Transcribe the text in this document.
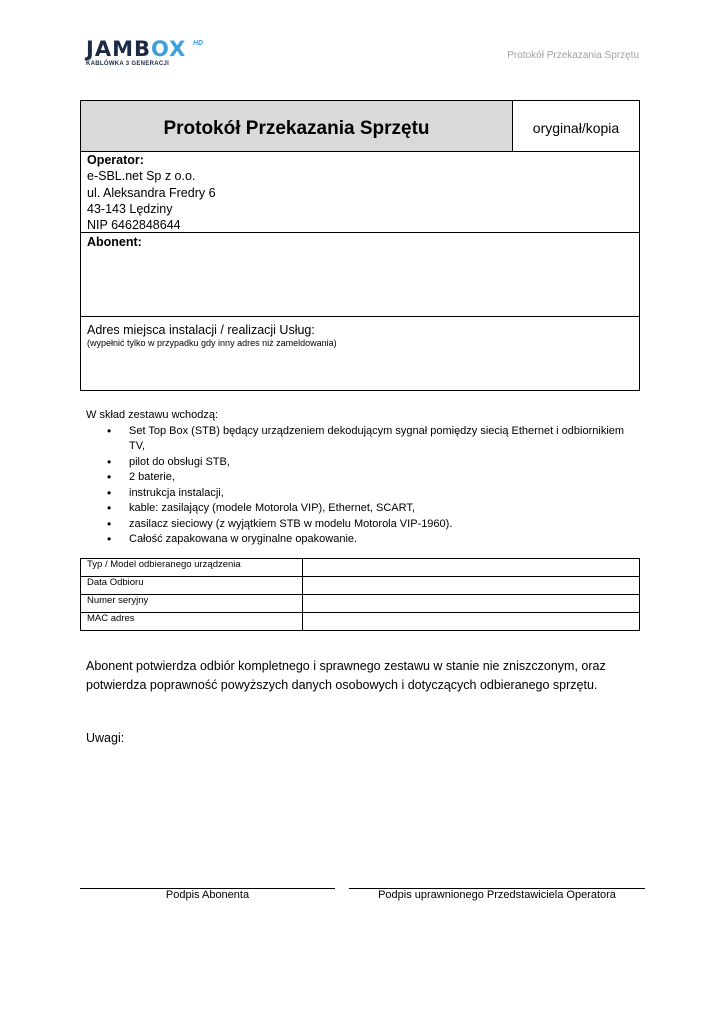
JAMBOX HD
KABLÓWKA 3 GENERACJI
Protokół Przekazania Sprzętu
Protokół Przekazania Sprzętu	oryginał/kopia
Operator:
e-SBL.net Sp z o.o.
ul. Aleksandra Fredry 6
43-143 Lędziny
NIP 6462848644
Abonent:
Adres miejsca instalacji / realizacji Usług:
(wypełnić tylko w przypadku gdy inny adres niż zameldowania)
W skład zestawu wchodzą:
• Set Top Box (STB) będący urządzeniem dekodującym sygnał pomiędzy siecią Ethernet i odbiornikiem TV,
• pilot do obsługi STB,
• 2 baterie,
• instrukcja instalacji,
• kable: zasilający (modele Motorola VIP), Ethernet, SCART,
• zasilacz sieciowy (z wyjątkiem STB w modelu Motorola VIP-1960).
• Całość zapakowana w oryginalne opakowanie.
Typ / Model odbieranego urządzenia	
Data Odbioru	
Numer seryjny	
MAC adres	
Abonent potwierdza odbiór kompletnego i sprawnego zestawu w stanie nie zniszczonym, oraz potwierdza poprawność powyższych danych osobowych i dotyczących odbieranego sprzętu.
Uwagi:
Podpis Abonenta	Podpis uprawnionego Przedstawiciela Operatora
